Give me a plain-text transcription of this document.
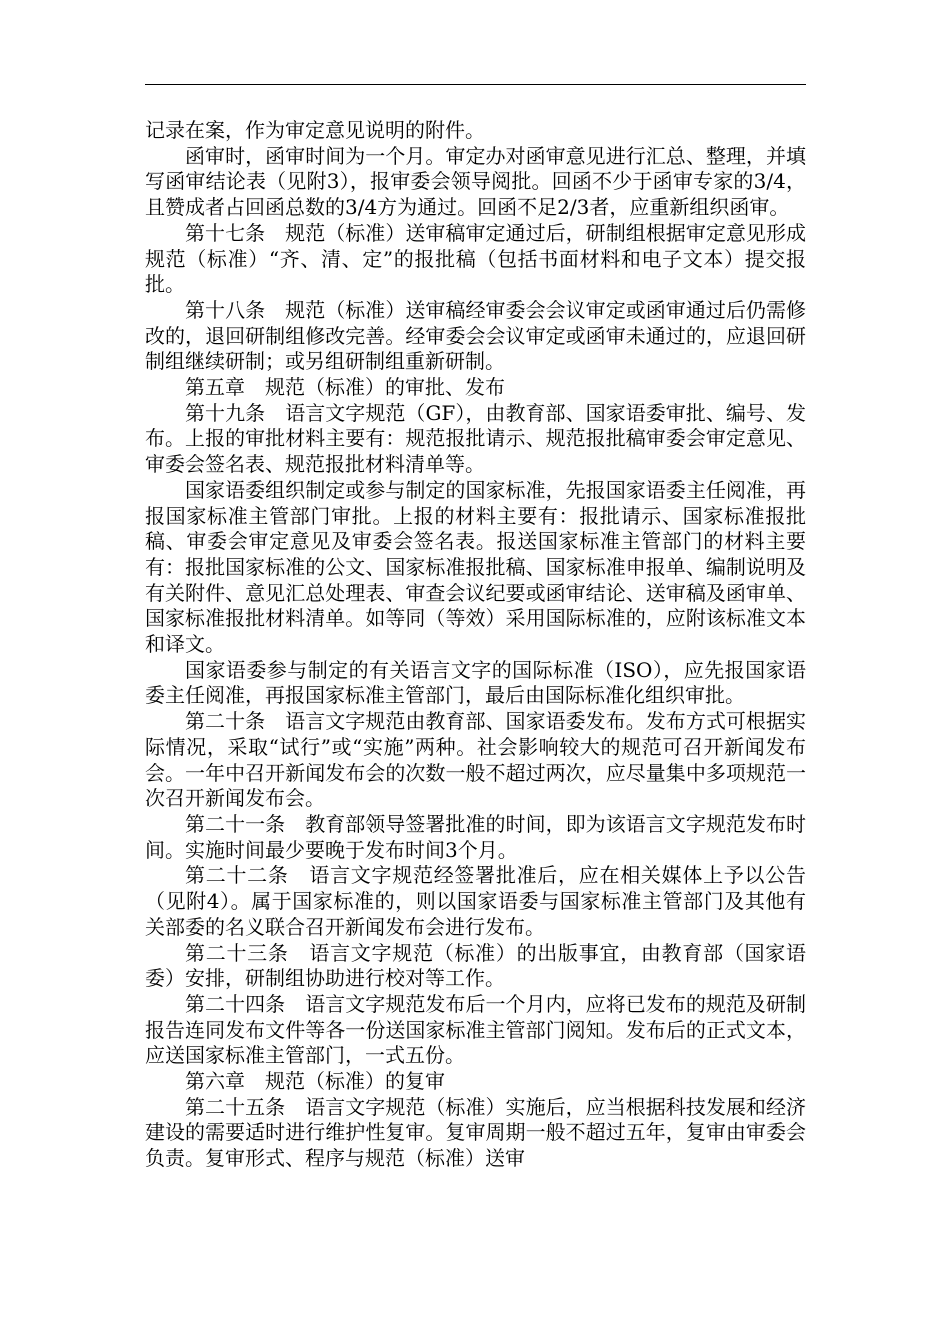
记录在案，作为审定意见说明的附件。

函审时，函审时间为一个月。审定办对函审意见进行汇总、整理，并填写函审结论表（见附3），报审委会领导阅批。回函不少于函审专家的3/4，且赞成者占回函总数的3/4方为通过。回函不足2/3者，应重新组织函审。

第十七条　规范（标准）送审稿审定通过后，研制组根据审定意见形成规范（标准）“齐、清、定”的报批稿（包括书面材料和电子文本）提交报批。

第十八条　规范（标准）送审稿经审委会会议审定或函审通过后仍需修改的，退回研制组修改完善。经审委会会议审定或函审未通过的，应退回研制组继续研制；或另组研制组重新研制。

第五章　规范（标准）的审批、发布

第十九条　语言文字规范（GF），由教育部、国家语委审批、编号、发布。上报的审批材料主要有：规范报批请示、规范报批稿审委会审定意见、审委会签名表、规范报批材料清单等。

国家语委组织制定或参与制定的国家标准，先报国家语委主任阅准，再报国家标准主管部门审批。上报的材料主要有：报批请示、国家标准报批稿、审委会审定意见及审委会签名表。报送国家标准主管部门的材料主要有：报批国家标准的公文、国家标准报批稿、国家标准申报单、编制说明及有关附件、意见汇总处理表、审查会议纪要或函审结论、送审稿及函审单、国家标准报批材料清单。如等同（等效）采用国际标准的，应附该标准文本和译文。

国家语委参与制定的有关语言文字的国际标准（ISO），应先报国家语委主任阅准，再报国家标准主管部门，最后由国际标准化组织审批。

第二十条　语言文字规范由教育部、国家语委发布。发布方式可根据实际情况，采取“试行”或“实施”两种。社会影响较大的规范可召开新闻发布会。一年中召开新闻发布会的次数一般不超过两次，应尽量集中多项规范一次召开新闻发布会。

第二十一条　教育部领导签署批准的时间，即为该语言文字规范发布时间。实施时间最少要晚于发布时间3个月。

第二十二条　语言文字规范经签署批准后，应在相关媒体上予以公告（见附4）。属于国家标准的，则以国家语委与国家标准主管部门及其他有关部委的名义联合召开新闻发布会进行发布。

第二十三条　语言文字规范（标准）的出版事宜，由教育部（国家语委）安排，研制组协助进行校对等工作。

第二十四条　语言文字规范发布后一个月内，应将已发布的规范及研制报告连同发布文件等各一份送国家标准主管部门阅知。发布后的正式文本，应送国家标准主管部门，一式五份。

第六章　规范（标准）的复审

第二十五条　语言文字规范（标准）实施后，应当根据科技发展和经济建设的需要适时进行维护性复审。复审周期一般不超过五年，复审由审委会负责。复审形式、程序与规范（标准）送审
